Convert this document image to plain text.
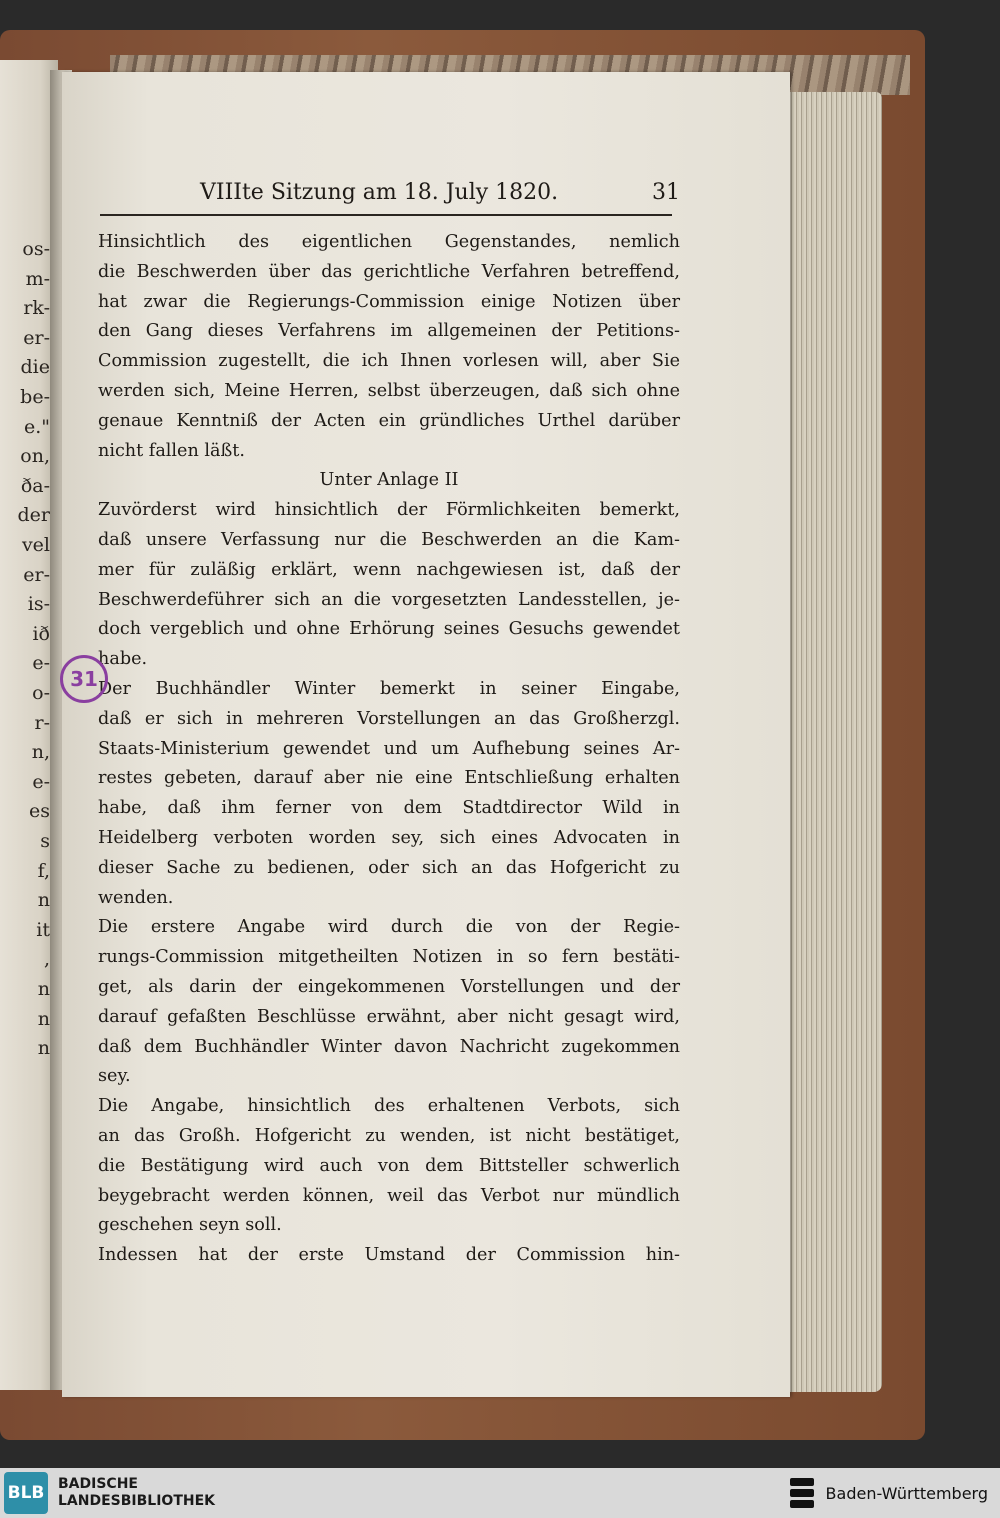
os-
m-
rk-
er-
die
be-
e."
on,
ða-
der
vel
er-
is-
ið
e-
o-
r-
n,
e-
es
s
f,
n
it
,
n
n
n
VIIIte Sitzung am 18. July 1820.	31
Hinsichtlich des eigentlichen Gegenstandes, nemlich
die Beschwerden über das gerichtliche Verfahren betreffend,
hat zwar die Regierungs-Commission einige Notizen über
den Gang dieses Verfahrens im allgemeinen der Petitions-
Commission zugestellt, die ich Ihnen vorlesen will, aber Sie
werden sich, Meine Herren, selbst überzeugen, daß sich ohne
genaue Kenntniß der Acten ein gründliches Urthel darüber
nicht fallen läßt.
Unter Anlage II
Zuvörderst wird hinsichtlich der Förmlichkeiten bemerkt,
daß unsere Verfassung nur die Beschwerden an die Kam-
mer für zuläßig erklärt, wenn nachgewiesen ist, daß der
Beschwerdeführer sich an die vorgesetzten Landesstellen, je-
doch vergeblich und ohne Erhörung seines Gesuchs gewendet
habe.
Der Buchhändler Winter bemerkt in seiner Eingabe,
daß er sich in mehreren Vorstellungen an das Großherzgl.
Staats-Ministerium gewendet und um Aufhebung seines Ar-
restes gebeten, darauf aber nie eine Entschließung erhalten
habe, daß ihm ferner von dem Stadtdirector Wild in
Heidelberg verboten worden sey, sich eines Advocaten in
dieser Sache zu bedienen, oder sich an das Hofgericht zu
wenden.
Die erstere Angabe wird durch die von der Regie-
rungs-Commission mitgetheilten Notizen in so fern bestäti-
get, als darin der eingekommenen Vorstellungen und der
darauf gefaßten Beschlüsse erwähnt, aber nicht gesagt wird,
daß dem Buchhändler Winter davon Nachricht zugekommen
sey.
Die Angabe, hinsichtlich des erhaltenen Verbots, sich
an das Großh. Hofgericht zu wenden, ist nicht bestätiget,
die Bestätigung wird auch von dem Bittsteller schwerlich
beygebracht werden können, weil das Verbot nur mündlich
geschehen seyn soll.
Indessen hat der erste Umstand der Commission hin-
31
BLB BADISCHE
LANDESBIBLIOTHEK	Baden-Württemberg
